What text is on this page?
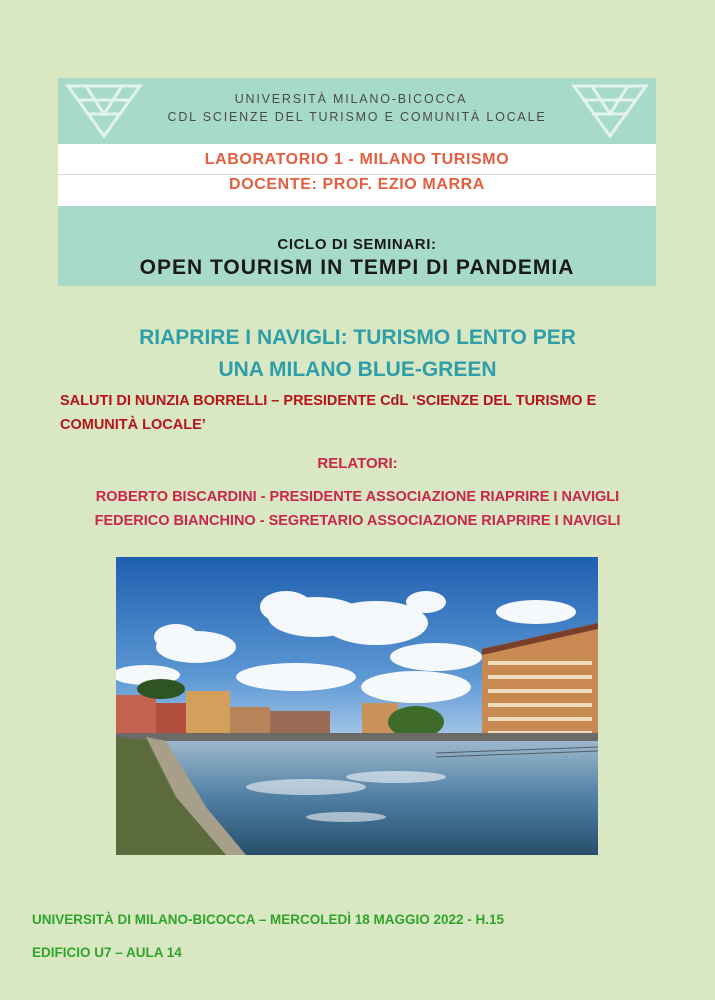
UNIVERSITÀ MILANO-BICOCCA
CDL SCIENZE DEL TURISMO E COMUNITÀ LOCALE
LABORATORIO 1 - MILANO TURISMO
DOCENTE: PROF. EZIO MARRA
CICLO DI SEMINARI:
OPEN TOURISM IN TEMPI DI PANDEMIA
RIAPRIRE I NAVIGLI: TURISMO LENTO PER
UNA MILANO BLUE-GREEN
SALUTI DI NUNZIA BORRELLI – PRESIDENTE CdL ‘SCIENZE DEL TURISMO E COMUNITÀ LOCALE’
RELATORI:
ROBERTO BISCARDINI - PRESIDENTE ASSOCIAZIONE RIAPRIRE I NAVIGLI
FEDERICO BIANCHINO - SEGRETARIO ASSOCIAZIONE RIAPRIRE I NAVIGLI
UNIVERSITÀ DI MILANO-BICOCCA – MERCOLEDÌ 18 MAGGIO 2022 - H.15
EDIFICIO U7 – AULA 14
